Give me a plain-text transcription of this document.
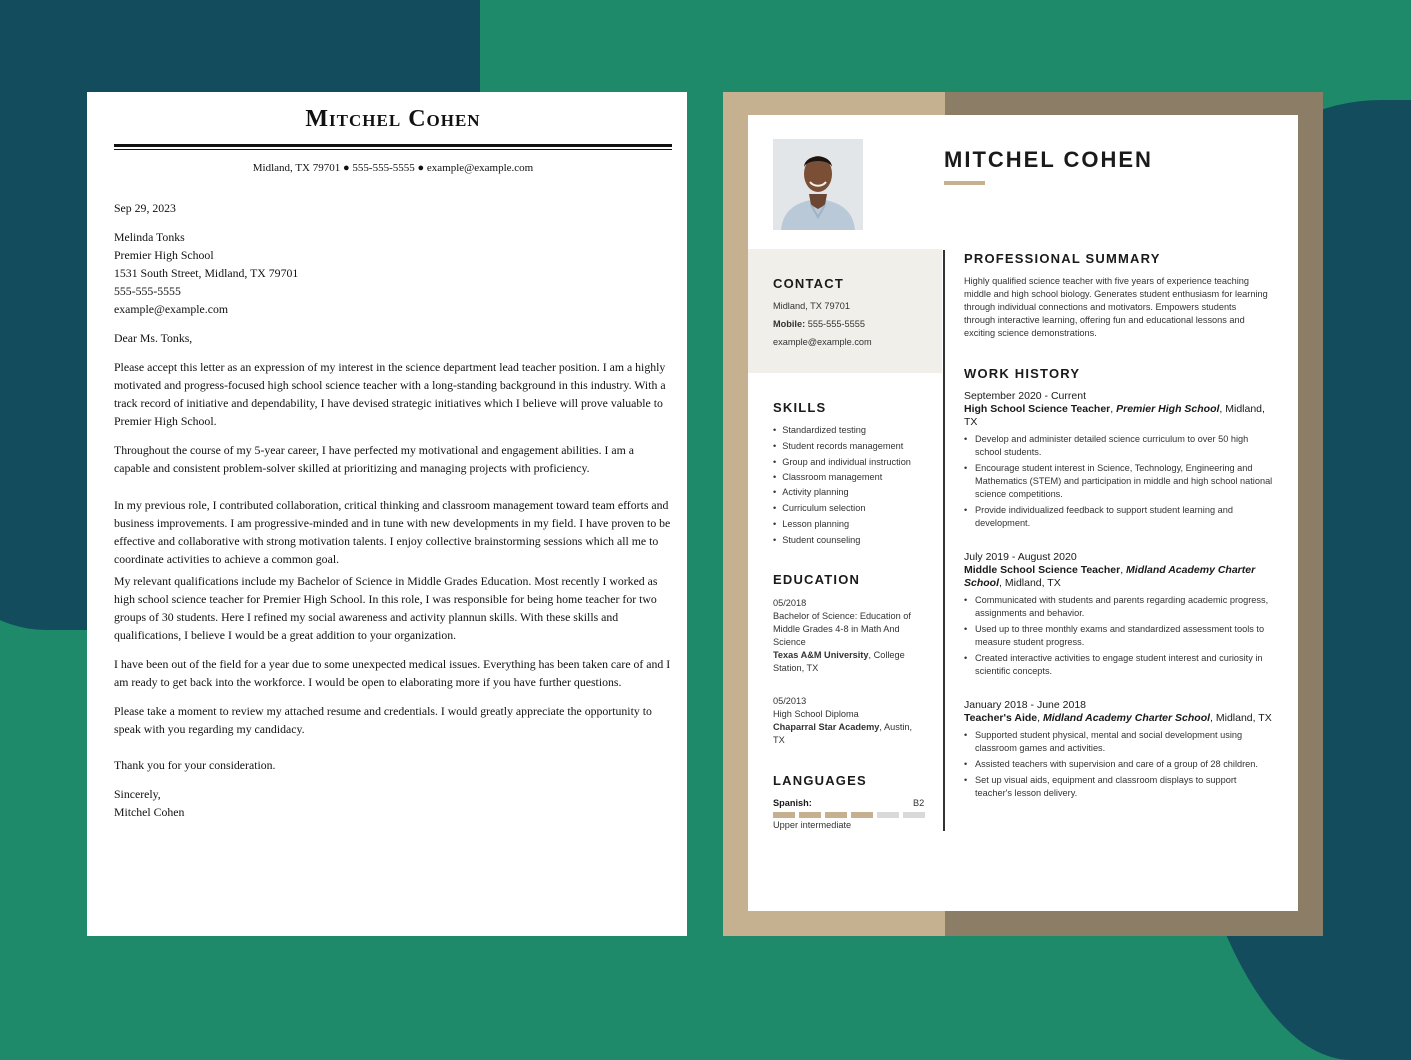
Mitchel Cohen
Midland, TX 79701 ● 555-555-5555 ● example@example.com

Sep 29, 2023

Melinda Tonks

Premier High School

1531 South Street, Midland, TX 79701

555-555-5555

example@example.com

Dear Ms. Tonks,

Please accept this letter as an expression of my interest in the science department lead teacher position. I am a highly motivated and progress-focused high school science teacher with a long-standing background in this industry. With a track record of initiative and dependability, I have devised strategic initiatives which I believe will prove valuable to Premier High School.

Throughout the course of my 5-year career, I have perfected my motivational and engagement abilities. I am a capable and consistent problem-solver skilled at prioritizing and managing projects with proficiency.

In my previous role, I contributed collaboration, critical thinking and classroom management toward team efforts and business improvements. I am progressive-minded and in tune with new developments in my field. I have proven to be effective and collaborative with strong motivation talents. I enjoy collective brainstorming sessions which all me to coordinate activities to achieve a common goal.

My relevant qualifications include my Bachelor of Science in Middle Grades Education. Most recently I worked as high school science teacher for Premier High School. In this role, I was responsible for being home teacher for two groups of 30 students. Here I refined my social awareness and activity plannun skills. With these skills and qualifications, I believe I would be a great addition to your organization.

I have been out of the field for a year due to some unexpected medical issues. Everything has been taken care of and I am ready to get back into the workforce. I would be open to elaborating more if you have further questions.

Please take a moment to review my attached resume and credentials. I would greatly appreciate the opportunity to speak with you regarding my candidacy.

Thank you for your consideration.

Sincerely,

Mitchel Cohen

MITCHEL COHEN
CONTACT
Midland, TX 79701
Mobile: 555-555-5555
example@example.com
SKILLS
• Standardized testing
• Student records management
• Group and individual instruction
• Classroom management
• Activity planning
• Curriculum selection
• Lesson planning
• Student counseling
EDUCATION
05/2018
Bachelor of Science: Education of Middle Grades 4-8 in Math And Science
Texas A&M University, College Station, TX
05/2013
High School Diploma
Chaparral Star Academy, Austin, TX
LANGUAGES
Spanish:	B2
Upper intermediate
PROFESSIONAL SUMMARY
Highly qualified science teacher with five years of experience teaching middle and high school biology. Generates student enthusiasm for learning through individual connections and motivators. Empowers students through interactive learning, offering fun and educational lessons and exciting science demonstrations.
WORK HISTORY
September 2020 - Current
High School Science Teacher, Premier High School, Midland, TX
• Develop and administer detailed science curriculum to over 50 high school students.
• Encourage student interest in Science, Technology, Engineering and Mathematics (STEM) and participation in middle and high school national science competitions.
• Provide individualized feedback to support student learning and development.
July 2019 - August 2020
Middle School Science Teacher, Midland Academy Charter School, Midland, TX
• Communicated with students and parents regarding academic progress, assignments and behavior.
• Used up to three monthly exams and standardized assessment tools to measure student progress.
• Created interactive activities to engage student interest and curiosity in scientific concepts.
January 2018 - June 2018
Teacher's Aide, Midland Academy Charter School, Midland, TX
• Supported student physical, mental and social development using classroom games and activities.
• Assisted teachers with supervision and care of a group of 28 children.
• Set up visual aids, equipment and classroom displays to support teacher's lesson delivery.
